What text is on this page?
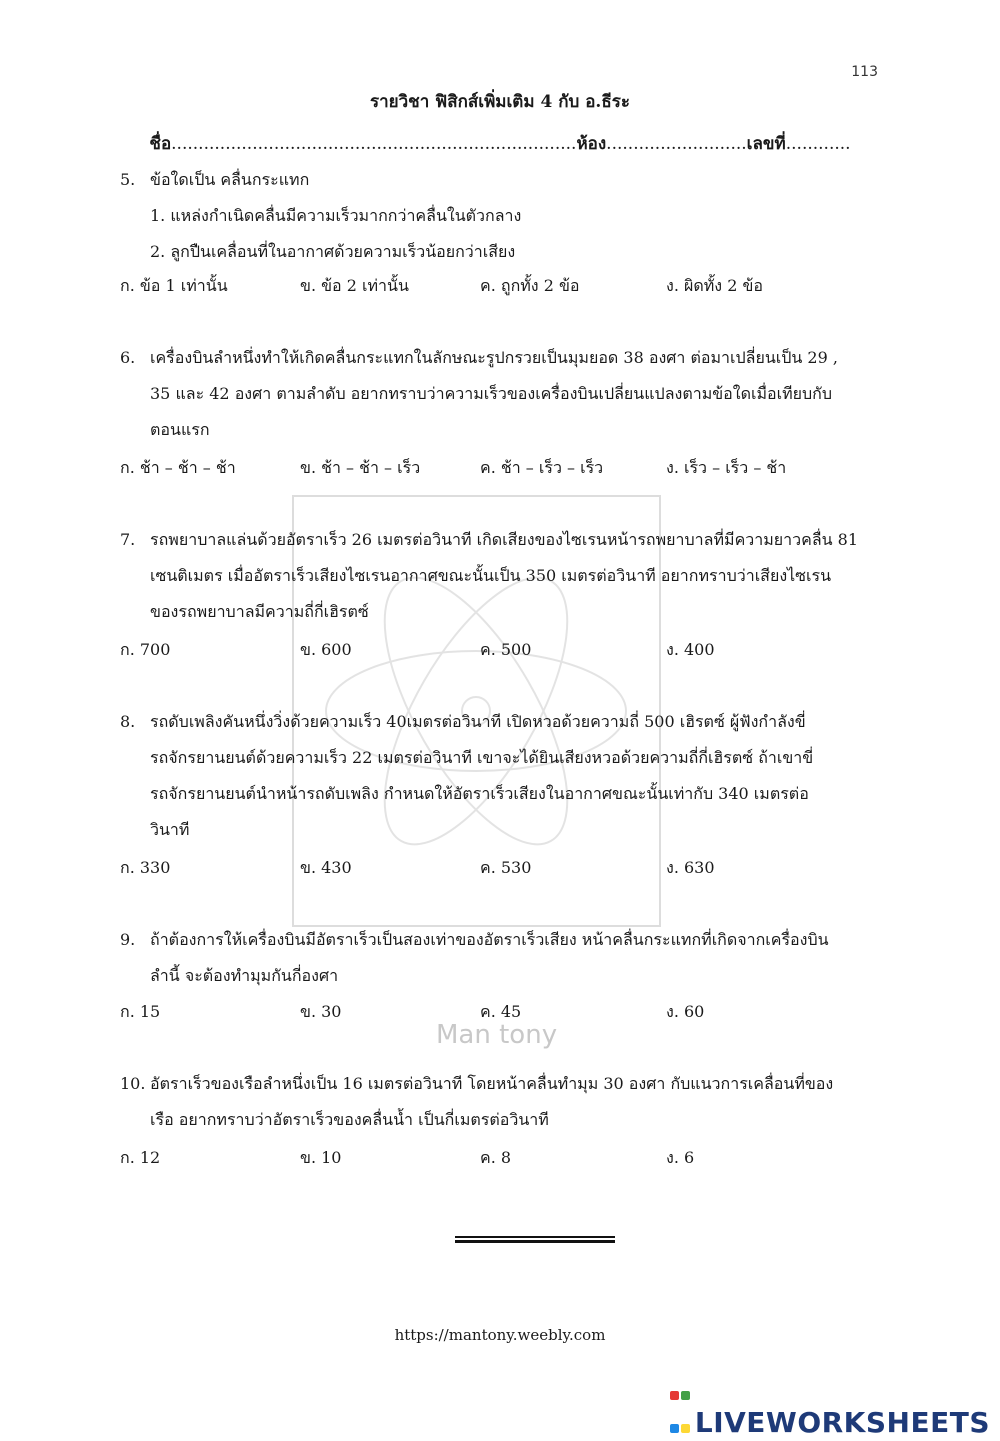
113
รายวิชา ฟิสิกส์เพิ่มเติม 4 กับ อ.ธีระ
ชื่อ...........................................................................ห้อง..........................เลขที่............
Man tony
5. ข้อใดเป็น คลื่นกระแทก
1. แหล่งกำเนิดคลื่นมีความเร็วมากกว่าคลื่นในตัวกลาง
2. ลูกปืนเคลื่อนที่ในอากาศด้วยความเร็วน้อยกว่าเสียง
ก. ข้อ 1 เท่านั้น	ข. ข้อ 2 เท่านั้น	ค. ถูกทั้ง 2 ข้อ	ง. ผิดทั้ง 2 ข้อ
6. เครื่องบินลำหนึ่งทำให้เกิดคลื่นกระแทกในลักษณะรูปกรวยเป็นมุมยอด 38 องศา ต่อมาเปลี่ยนเป็น 29 ,
35 และ 42 องศา ตามลำดับ อยากทราบว่าความเร็วของเครื่องบินเปลี่ยนแปลงตามข้อใดเมื่อเทียบกับ
ตอนแรก
ก. ช้า – ช้า – ช้า	ข. ช้า – ช้า – เร็ว	ค. ช้า – เร็ว – เร็ว	ง. เร็ว – เร็ว – ช้า
7. รถพยาบาลแล่นด้วยอัตราเร็ว 26 เมตรต่อวินาที เกิดเสียงของไซเรนหน้ารถพยาบาลที่มีความยาวคลื่น 81
เซนติเมตร เมื่ออัตราเร็วเสียงไซเรนอากาศขณะนั้นเป็น 350 เมตรต่อวินาที อยากทราบว่าเสียงไซเรน
ของรถพยาบาลมีความถี่กี่เฮิรตซ์
ก. 700	ข. 600	ค. 500	ง. 400
8. รถดับเพลิงคันหนึ่งวิ่งด้วยความเร็ว 40เมตรต่อวินาที เปิดหวอด้วยความถี่ 500 เฮิรตซ์ ผู้ฟังกำลังขี่
รถจักรยานยนต์ด้วยความเร็ว 22 เมตรต่อวินาที เขาจะได้ยินเสียงหวอด้วยความถี่กี่เฮิรตซ์ ถ้าเขาขี่
รถจักรยานยนต์นำหน้ารถดับเพลิง กำหนดให้อัตราเร็วเสียงในอากาศขณะนั้นเท่ากับ 340 เมตรต่อ
วินาที
ก. 330	ข. 430	ค. 530	ง. 630
9. ถ้าต้องการให้เครื่องบินมีอัตราเร็วเป็นสองเท่าของอัตราเร็วเสียง หน้าคลื่นกระแทกที่เกิดจากเครื่องบิน
ลำนี้ จะต้องทำมุมกันกี่องศา
ก. 15	ข. 30	ค. 45	ง. 60
10. อัตราเร็วของเรือลำหนึ่งเป็น 16 เมตรต่อวินาที โดยหน้าคลื่นทำมุม 30 องศา กับแนวการเคลื่อนที่ของ
เรือ อยากทราบว่าอัตราเร็วของคลื่นน้ำ เป็นกี่เมตรต่อวินาที
ก. 12	ข. 10	ค. 8	ง. 6
https://mantony.weebly.com
LIVEWORKSHEETS
